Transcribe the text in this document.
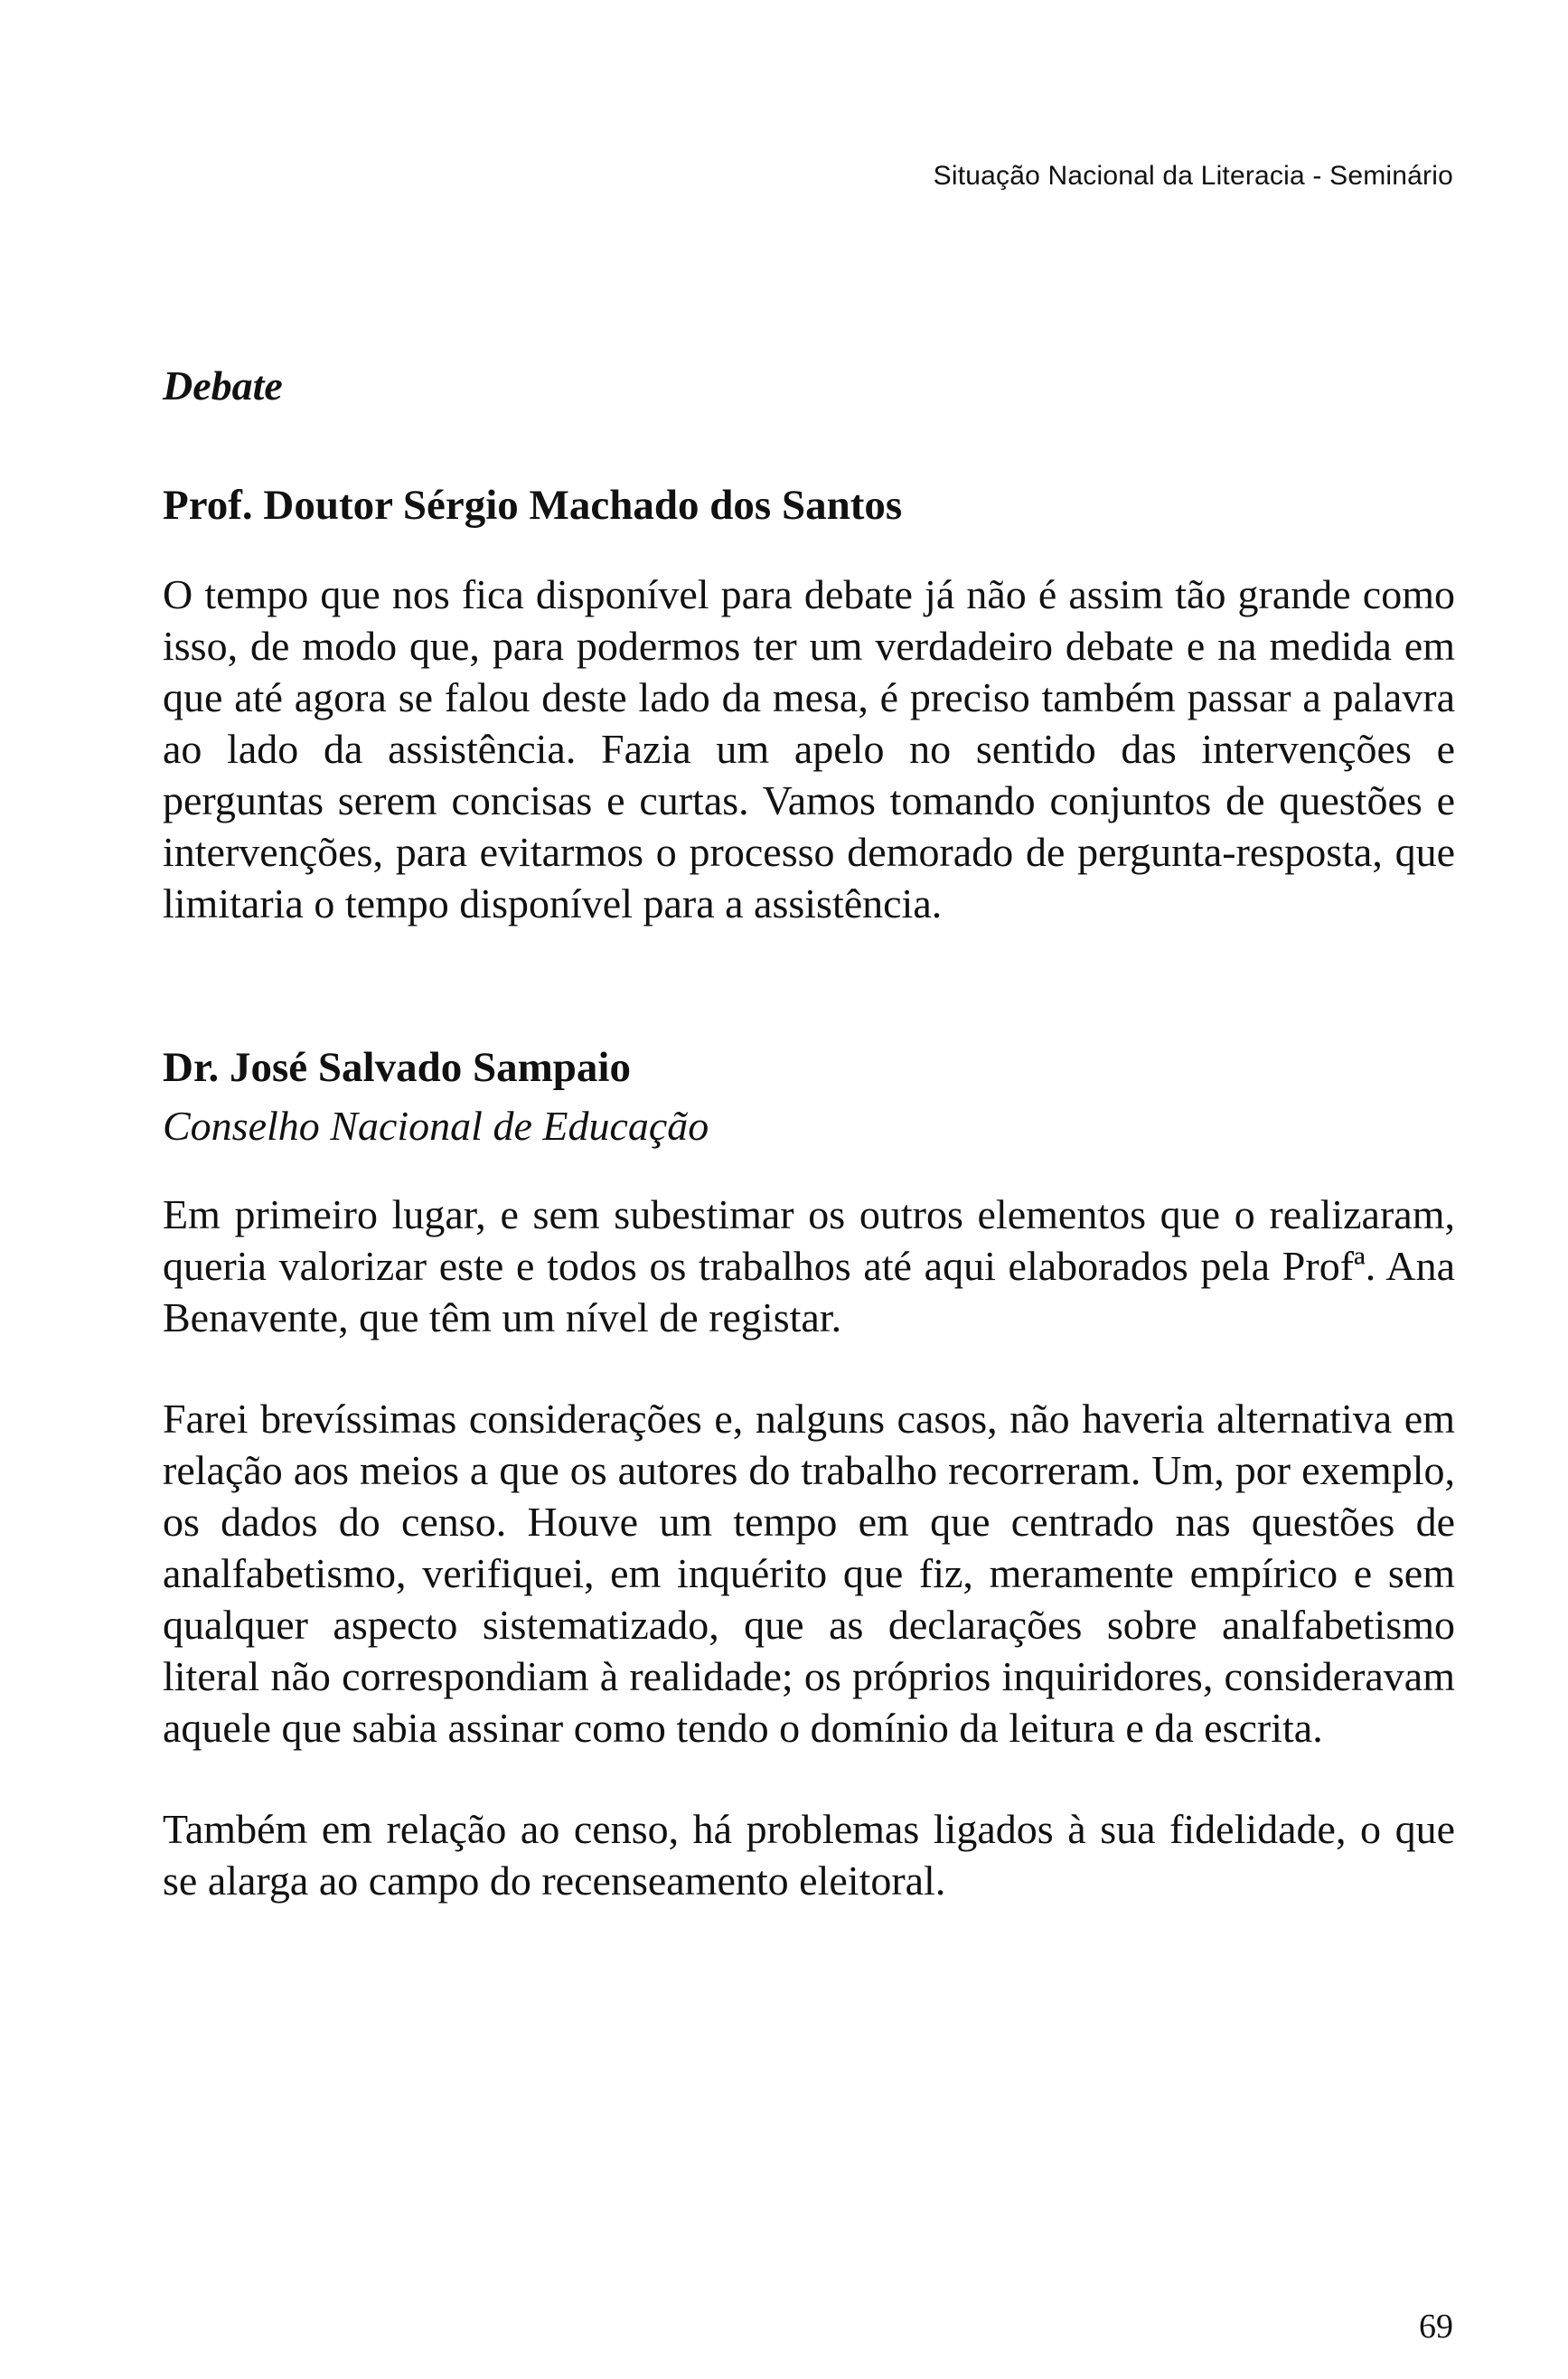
Situação Nacional da Literacia - Seminário
Debate
Prof. Doutor Sérgio Machado dos Santos

O tempo que nos fica disponível para debate já não é assim tão grande como isso, de modo que, para podermos ter um verdadeiro debate e na medida em que até agora se falou deste lado da mesa, é preciso também passar a palavra ao lado da assistência. Fazia um apelo no sentido das intervenções e perguntas serem concisas e curtas. Vamos tomando conjuntos de questões e intervenções, para evitarmos o processo demorado de pergunta-resposta, que limitaria o tempo disponível para a assistência.

Dr. José Salvado Sampaio
Conselho Nacional de Educação

Em primeiro lugar, e sem subestimar os outros elementos que o realizaram, queria valorizar este e todos os trabalhos até aqui elaborados pela Profª. Ana Benavente, que têm um nível de registar.

Farei brevíssimas considerações e, nalguns casos, não haveria alternativa em relação aos meios a que os autores do trabalho recorreram. Um, por exemplo, os dados do censo. Houve um tempo em que centrado nas questões de analfabetismo, verifiquei, em inquérito que fiz, meramente empírico e sem qualquer aspecto sistematizado, que as declarações sobre analfabetismo literal não correspondiam à realidade; os próprios inquiridores, consideravam aquele que sabia assinar como tendo o domínio da leitura e da escrita.

Também em relação ao censo, há problemas ligados à sua fidelidade, o que se alarga ao campo do recenseamento eleitoral.

69
